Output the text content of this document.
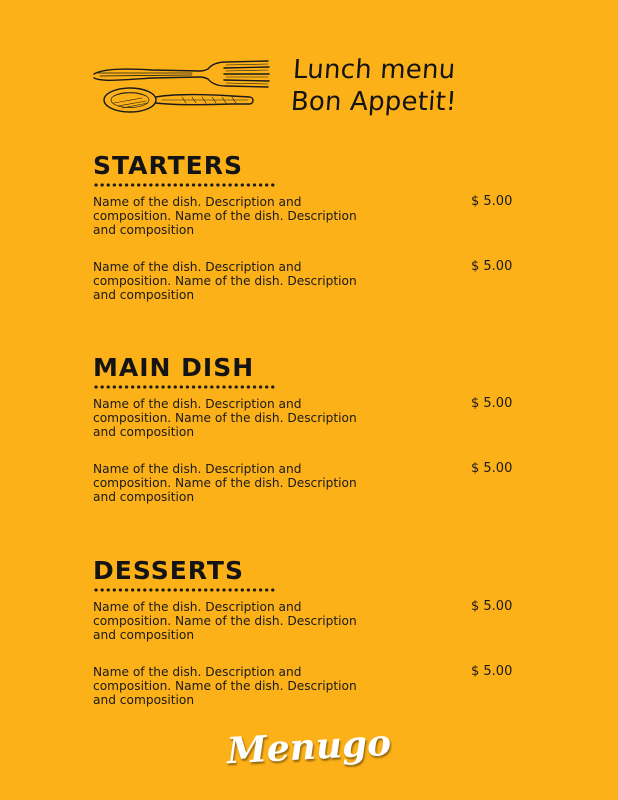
Lunch menu
Bon Appetit!
STARTERS
Name of the dish. Description and composition. Name of the dish. Description and composition
$ 5.00
Name of the dish. Description and composition. Name of the dish. Description and composition
$ 5.00
MAIN DISH
Name of the dish. Description and composition. Name of the dish. Description and composition
$ 5.00
Name of the dish. Description and composition. Name of the dish. Description and composition
$ 5.00
DESSERTS
Name of the dish. Description and composition. Name of the dish. Description and composition
$ 5.00
Name of the dish. Description and composition. Name of the dish. Description and composition
$ 5.00
Menugo
